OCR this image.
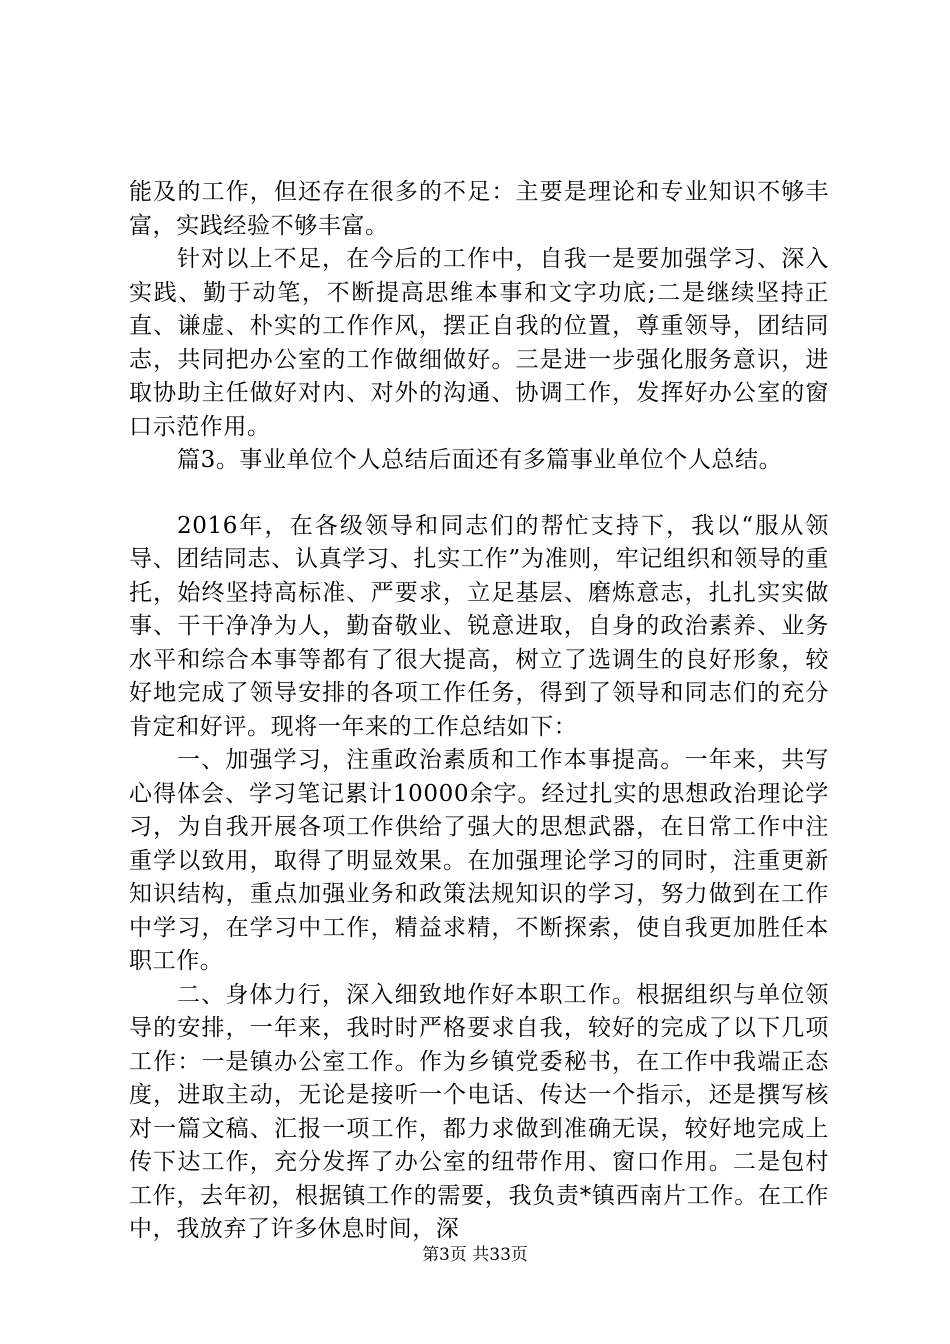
能及的工作，但还存在很多的不足：主要是理论和专业知识不够丰富，实践经验不够丰富。

针对以上不足，在今后的工作中，自我一是要加强学习、深入实践、勤于动笔，不断提高思维本事和文字功底;二是继续坚持正直、谦虚、朴实的工作作风，摆正自我的位置，尊重领导，团结同志，共同把办公室的工作做细做好。三是进一步强化服务意识，进取协助主任做好对内、对外的沟通、协调工作，发挥好办公室的窗口示范作用。

篇3。事业单位个人总结后面还有多篇事业单位个人总结。

2016年，在各级领导和同志们的帮忙支持下，我以“服从领导、团结同志、认真学习、扎实工作”为准则，牢记组织和领导的重托，始终坚持高标准、严要求，立足基层、磨炼意志，扎扎实实做事、干干净净为人，勤奋敬业、锐意进取，自身的政治素养、业务水平和综合本事等都有了很大提高，树立了选调生的良好形象，较好地完成了领导安排的各项工作任务，得到了领导和同志们的充分肯定和好评。现将一年来的工作总结如下：

一、加强学习，注重政治素质和工作本事提高。一年来，共写心得体会、学习笔记累计10000余字。经过扎实的思想政治理论学习，为自我开展各项工作供给了强大的思想武器，在日常工作中注重学以致用，取得了明显效果。在加强理论学习的同时，注重更新知识结构，重点加强业务和政策法规知识的学习，努力做到在工作中学习，在学习中工作，精益求精，不断探索，使自我更加胜任本职工作。

二、身体力行，深入细致地作好本职工作。根据组织与单位领导的安排，一年来，我时时严格要求自我，较好的完成了以下几项工作：一是镇办公室工作。作为乡镇党委秘书，在工作中我端正态度，进取主动，无论是接听一个电话、传达一个指示，还是撰写核对一篇文稿、汇报一项工作，都力求做到准确无误，较好地完成上传下达工作，充分发挥了办公室的纽带作用、窗口作用。二是包村工作，去年初，根据镇工作的需要，我负责*镇西南片工作。在工作中，我放弃了许多休息时间，深

第3页 共33页
